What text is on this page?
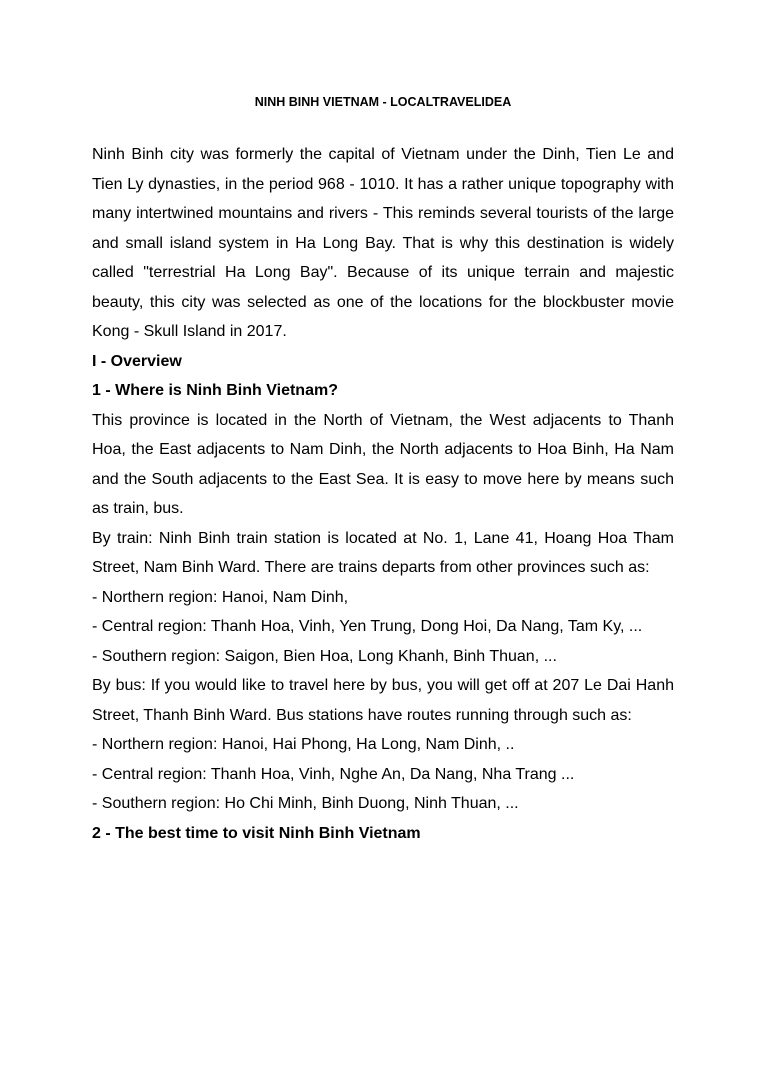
NINH BINH VIETNAM - LOCALTRAVELIDEA

Ninh Binh city was formerly the capital of Vietnam under the Dinh, Tien Le and Tien Ly dynasties, in the period 968 - 1010. It has a rather unique topography with many intertwined mountains and rivers - This reminds several tourists of the large and small island system in Ha Long Bay. That is why this destination is widely called "terrestrial Ha Long Bay". Because of its unique terrain and majestic beauty, this city was selected as one of the locations for the blockbuster movie Kong - Skull Island in 2017.

I - Overview

1 - Where is Ninh Binh Vietnam?

This province is located in the North of Vietnam, the West adjacents to Thanh Hoa, the East adjacents to Nam Dinh, the North adjacents to Hoa Binh, Ha Nam and the South adjacents to the East Sea. It is easy to move here by means such as train, bus.

By train: Ninh Binh train station is located at No. 1, Lane 41, Hoang Hoa Tham Street, Nam Binh Ward. There are trains departs from other provinces such as:

- Northern region: Hanoi, Nam Dinh,

- Central region: Thanh Hoa, Vinh, Yen Trung, Dong Hoi, Da Nang, Tam Ky, ...

- Southern region: Saigon, Bien Hoa, Long Khanh, Binh Thuan, ...

By bus: If you would like to travel here by bus, you will get off at 207 Le Dai Hanh Street, Thanh Binh Ward. Bus stations have routes running through such as:

- Northern region: Hanoi, Hai Phong, Ha Long, Nam Dinh, ..

- Central region: Thanh Hoa, Vinh, Nghe An, Da Nang, Nha Trang ...

- Southern region: Ho Chi Minh, Binh Duong, Ninh Thuan, ...

2 - The best time to visit Ninh Binh Vietnam
